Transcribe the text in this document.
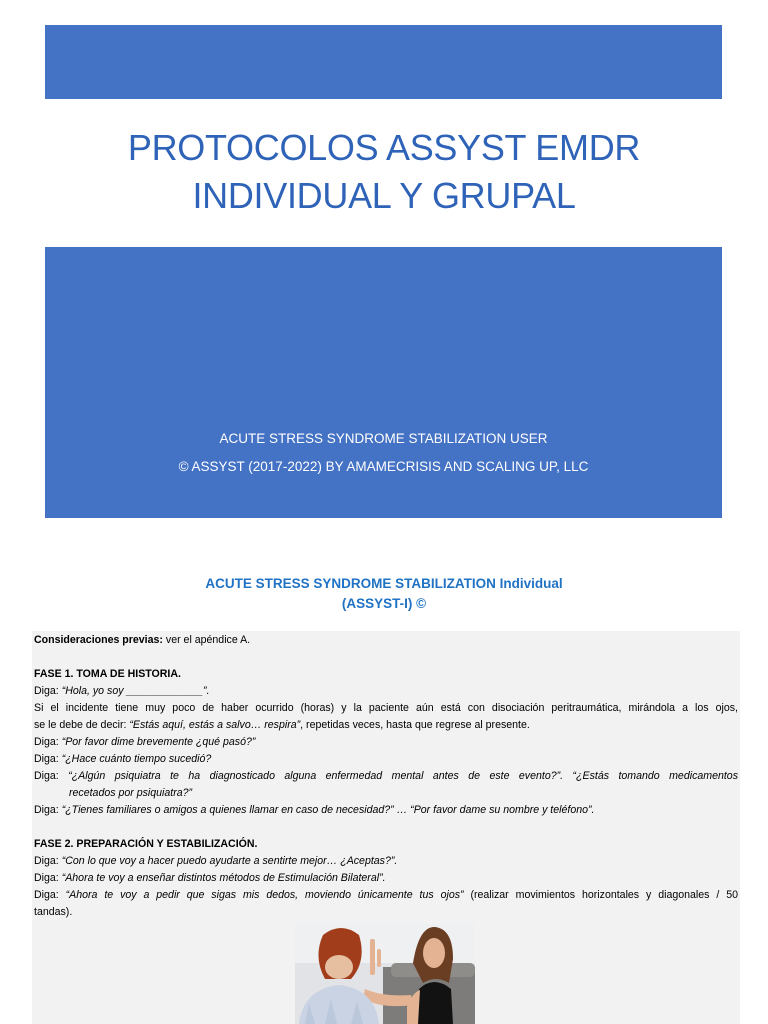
PROTOCOLOS ASSYST EMDR
INDIVIDUAL Y GRUPAL
ACUTE STRESS SYNDROME STABILIZATION USER
© ASSYST (2017-2022) BY AMAMECRISIS AND SCALING UP, LLC
ACUTE STRESS SYNDROME STABILIZATION Individual
(ASSYST-I) ©
Consideraciones previas: ver el apéndice A.
FASE 1. TOMA DE HISTORIA.
Diga: “Hola, yo soy _____________”.
Si el incidente tiene muy poco de haber ocurrido (horas) y la paciente aún está con disociación peritraumática, mirándola a los ojos,
se le debe de decir: “Estás aquí, estás a salvo… respira”, repetidas veces, hasta que regrese al presente.
Diga: “Por favor dime brevemente ¿qué pasó?”
Diga: “¿Hace cuánto tiempo sucedió?
Diga: “¿Algún psiquiatra te ha diagnosticado alguna enfermedad mental antes de este evento?”. “¿Estás tomando medicamentos
recetados por psiquiatra?”
Diga: “¿Tienes familiares o amigos a quienes llamar en caso de necesidad?” … “Por favor dame su nombre y teléfono”.
FASE 2. PREPARACIÓN Y ESTABILIZACIÓN.
Diga: “Con lo que voy a hacer puedo ayudarte a sentirte mejor… ¿Aceptas?”.
Diga: “Ahora te voy a enseñar distintos métodos de Estimulación Bilateral”.
Diga: “Ahora te voy a pedir que sigas mis dedos, moviendo únicamente tus ojos” (realizar movimientos horizontales y diagonales / 50
tandas).
